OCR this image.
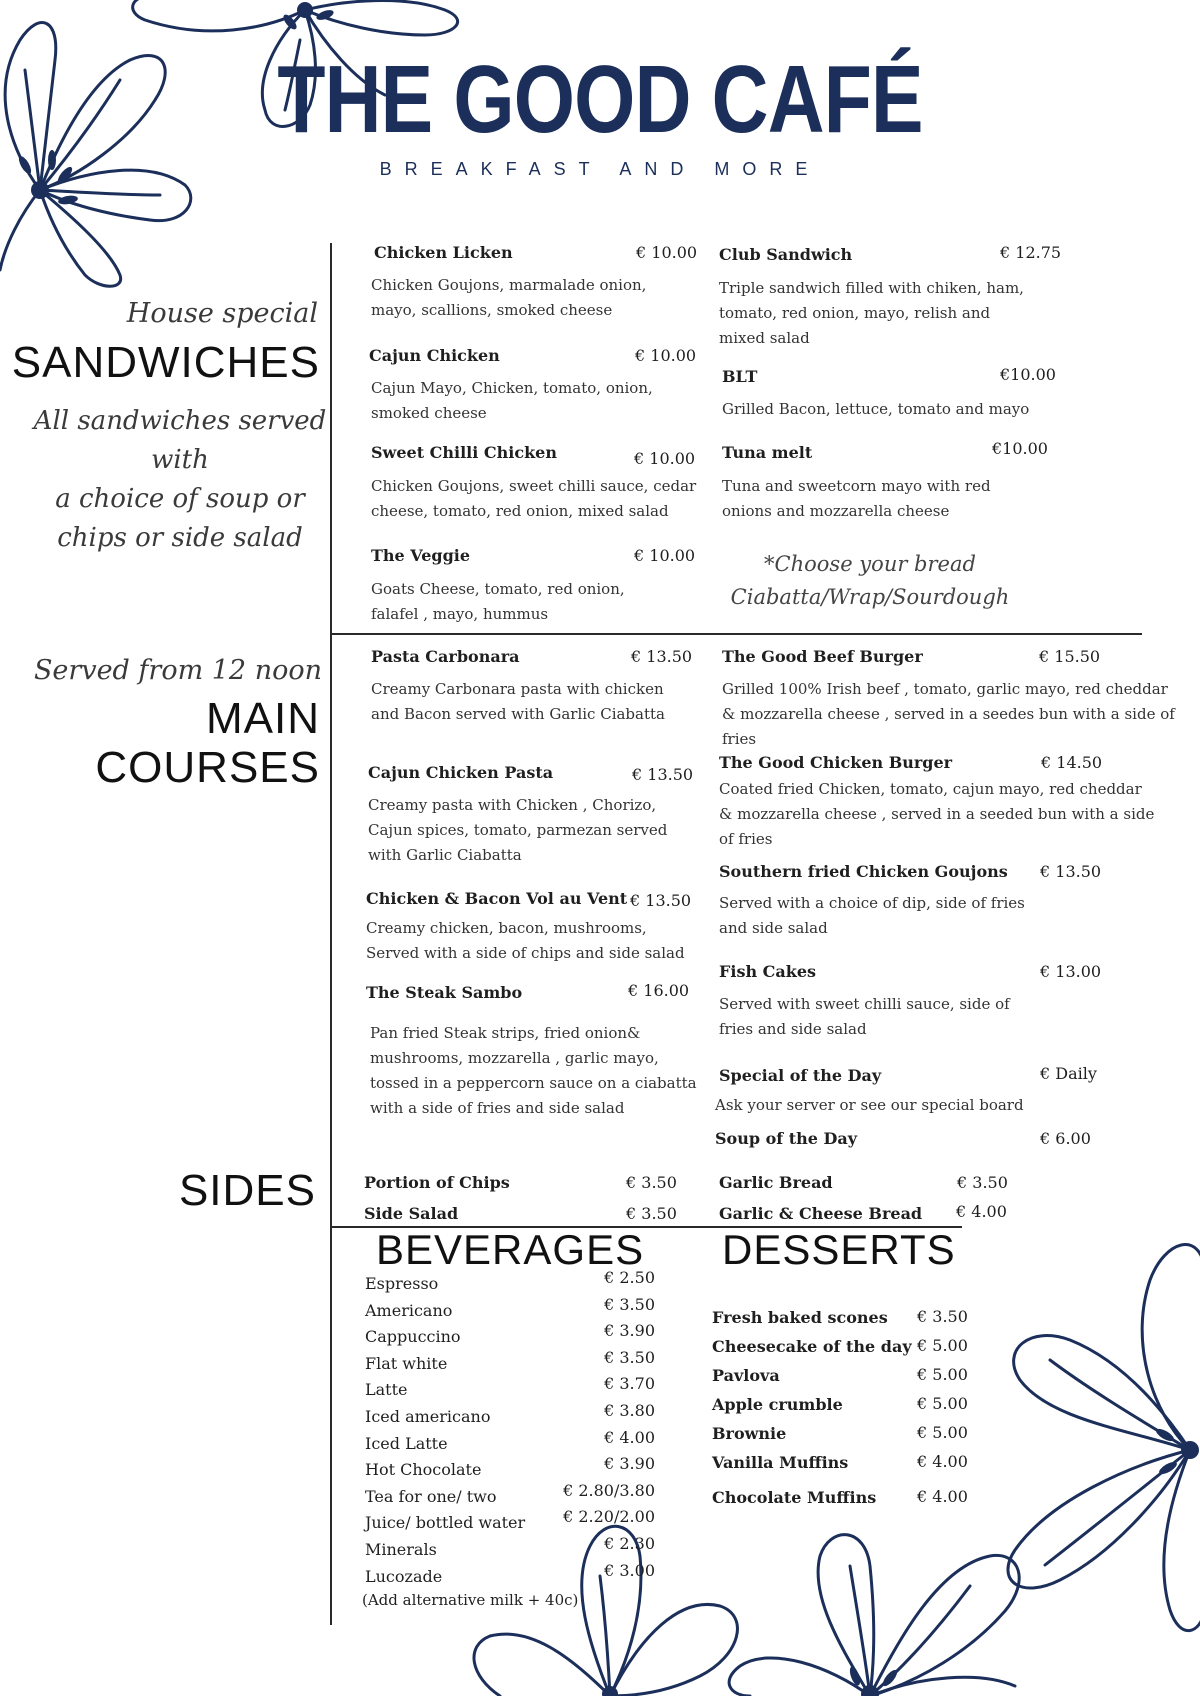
THE GOOD CAFÉ
BREAKFAST AND MORE
House special
SANDWICHES
All sandwiches served with
a choice of soup or
chips or side salad
Served from 12 noon
MAIN
COURSES
SIDES
Chicken Licken	€ 10.00
Chicken Goujons, marmalade onion,
mayo, scallions, smoked cheese
Cajun Chicken	€ 10.00
Cajun Mayo, Chicken, tomato, onion,
smoked cheese
Sweet Chilli Chicken	€ 10.00
Chicken Goujons, sweet chilli sauce, cedar
cheese, tomato, red onion, mixed salad
The Veggie	€ 10.00
Goats Cheese, tomato, red onion,
falafel , mayo, hummus
Club Sandwich	€ 12.75
Triple sandwich filled with chiken, ham,
tomato, red onion, mayo, relish and
mixed salad
BLT	€10.00
Grilled Bacon, lettuce, tomato and mayo
Tuna melt	€10.00
Tuna and sweetcorn mayo with red
onions and mozzarella cheese
*Choose your bread
Ciabatta/Wrap/Sourdough
Pasta Carbonara	€ 13.50
Creamy Carbonara pasta with chicken
and Bacon served with Garlic Ciabatta
Cajun Chicken Pasta	€ 13.50
Creamy pasta with Chicken , Chorizo,
Cajun spices, tomato, parmezan served
with Garlic Ciabatta
Chicken & Bacon Vol au Vent € 13.50
Creamy chicken, bacon, mushrooms,
Served with a side of chips and side salad
The Steak Sambo	€ 16.00
Pan fried Steak strips, fried onion&
mushrooms, mozzarella , garlic mayo,
tossed in a peppercorn sauce on a ciabatta
with a side of fries and side salad
The Good Beef Burger	€ 15.50
Grilled 100% Irish beef , tomato, garlic mayo, red cheddar
& mozzarella cheese , served in a seedes bun with a side of
fries
The Good Chicken Burger	€ 14.50
Coated fried Chicken, tomato, cajun mayo, red cheddar
& mozzarella cheese , served in a seeded bun with a side
of fries
Southern fried Chicken Goujons € 13.50
Served with a choice of dip, side of fries
and side salad
Fish Cakes	€ 13.00
Served with sweet chilli sauce, side of
fries and side salad
Special of the Day	€ Daily
Ask your server or see our special board
Soup of the Day	€ 6.00
Portion of Chips	€ 3.50
Side Salad	€ 3.50
Garlic Bread	€ 3.50
Garlic & Cheese Bread € 4.00
BEVERAGES DESSERTS
Espresso	€ 2.50
Americano	€ 3.50
Cappuccino	€ 3.90
Flat white	€ 3.50
Latte	€ 3.70
Iced americano	€ 3.80
Iced Latte	€ 4.00
Hot Chocolate	€ 3.90
Tea for one/ two	€ 2.80/3.80
Juice/ bottled water € 2.20/2.00
Minerals	€ 2.30
Lucozade	€ 3.00
(Add alternative milk + 40c)
Fresh baked scones € 3.50
Cheesecake of the day € 5.00
Pavlova	€ 5.00
Apple crumble	€ 5.00
Brownie	€ 5.00
Vanilla Muffins	€ 4.00
Chocolate Muffins	€ 4.00
